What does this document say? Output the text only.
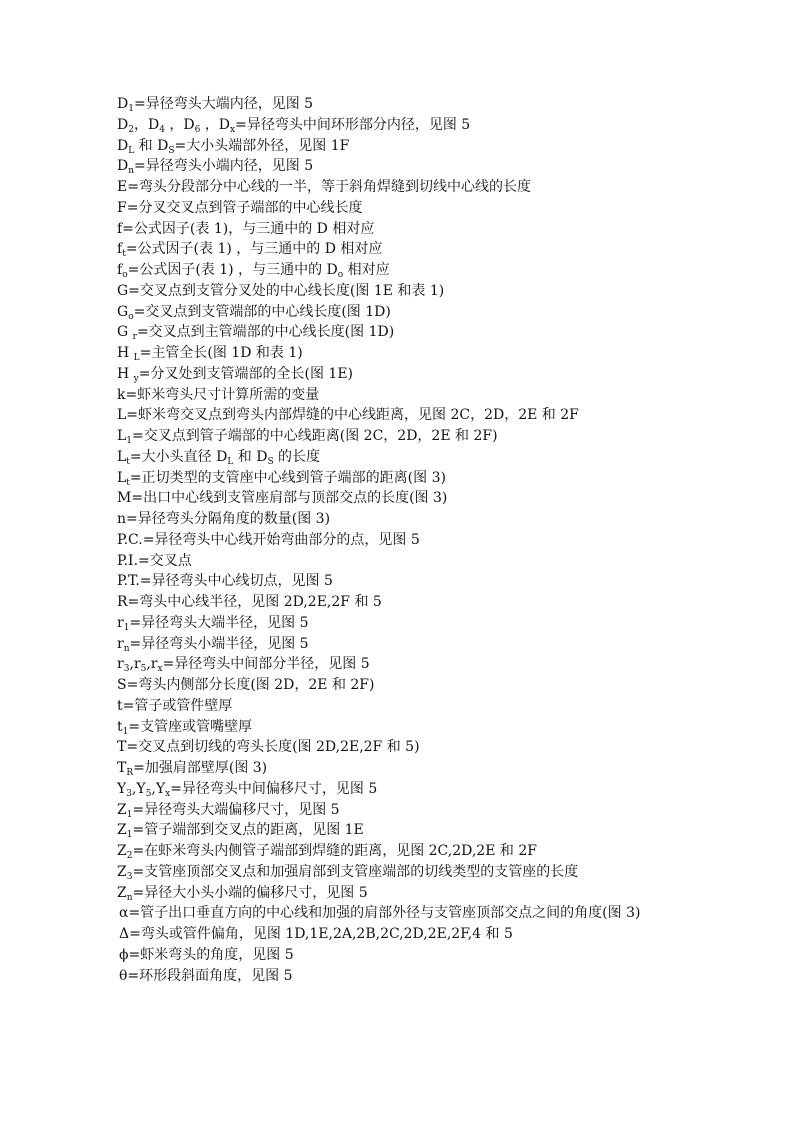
$D_1=$异径弯头大端内径，见图 5
$D_2$，$D_4$ ，$D_6$ ，$D_x=$异径弯头中间环形部分内径，见图 5
$D_L$ 和 $D_S=$大小头端部外径，见图 1F
$D_n=$异径弯头小端内径，见图 5
E=弯头分段部分中心线的一半，等于斜角焊缝到切线中心线的长度
F=分叉交叉点到管子端部的中心线长度
f=公式因子(表 1)，与三通中的 D 相对应
$f_t=$公式因子(表 1) ，与三通中的 D 相对应
$f_o=$公式因子(表 1) ，与三通中的 $D_o$ 相对应
G=交叉点到支管分叉处的中心线长度(图 1E 和表 1)
$G_o=$交叉点到支管端部的中心线长度(图 1D)
G $_r$=交叉点到主管端部的中心线长度(图 1D)
H $_L$=主管全长(图 1D 和表 1)
H $_y$=分叉处到支管端部的全长(图 1E)
k=虾米弯头尺寸计算所需的变量
L=虾米弯交叉点到弯头内部焊缝的中心线距离，见图 2C，2D，2E 和 2F
$L_1=$交叉点到管子端部的中心线距离(图 2C，2D，2E 和 2F)
$L_t=$大小头直径 $D_L$ 和 $D_S$ 的长度
$L_t=$正切类型的支管座中心线到管子端部的距离(图 3)
M=出口中心线到支管座肩部与顶部交点的长度(图 3)
n=异径弯头分隔角度的数量(图 3)
P.C.=异径弯头中心线开始弯曲部分的点，见图 5
P.I.=交叉点
P.T.=异径弯头中心线切点，见图 5
R=弯头中心线半径，见图 2D,2E,2F 和 5
$r_1=$异径弯头大端半径，见图 5
$r_n=$异径弯头小端半径，见图 5
$r_3,r_5,r_x=$异径弯头中间部分半径，见图 5
S=弯头内侧部分长度(图 2D，2E 和 2F)
t=管子或管件壁厚
$t_1=$支管座或管嘴壁厚
T=交叉点到切线的弯头长度(图 2D,2E,2F 和 5)
$T_R=$加强肩部壁厚(图 3)
$Y_3,Y_5,Y_x=$异径弯头中间偏移尺寸，见图 5
$Z_1=$异径弯头大端偏移尺寸，见图 5
$Z_1=$管子端部到交叉点的距离，见图 1E
$Z_2=$在虾米弯头内侧管子端部到焊缝的距离，见图 2C,2D,2E 和 2F
$Z_3=$支管座顶部交叉点和加强肩部到支管座端部的切线类型的支管座的长度
$Z_n=$异径大小头小端的偏移尺寸，见图 5
α=管子出口垂直方向的中心线和加强的肩部外径与支管座顶部交点之间的角度(图 3)
Δ=弯头或管件偏角，见图 1D,1E,2A,2B,2C,2D,2E,2F,4 和 5
ϕ=虾米弯头的角度，见图 5
θ=环形段斜面角度，见图 5
